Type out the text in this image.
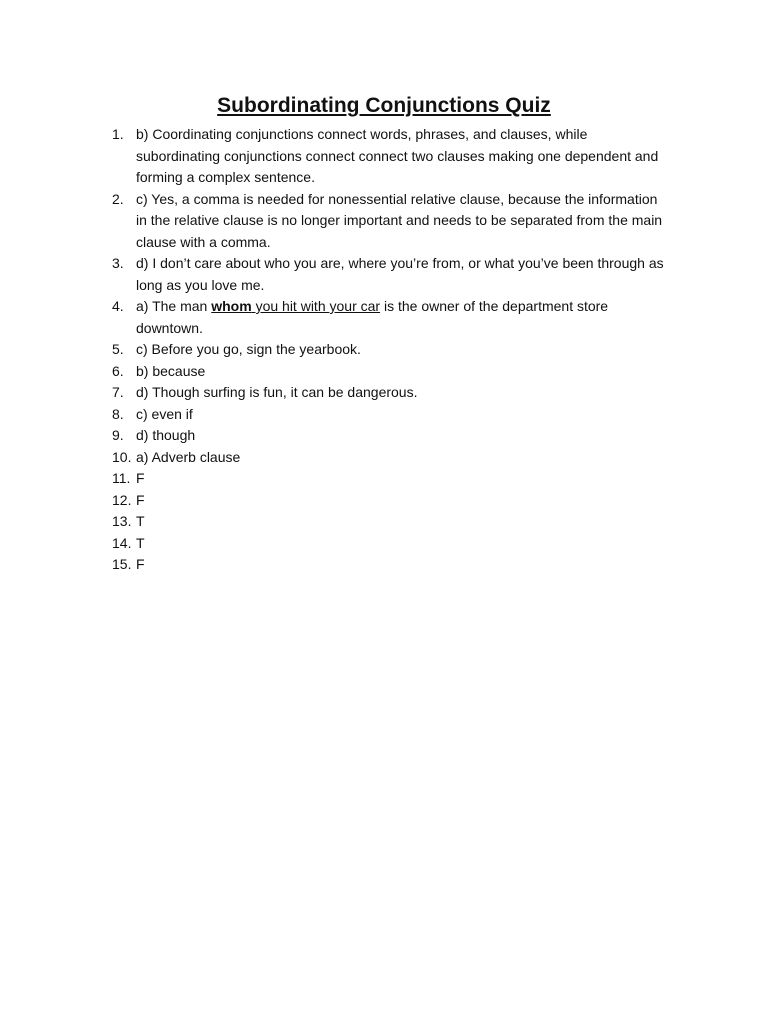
Subordinating Conjunctions Quiz
1. b) Coordinating conjunctions connect words, phrases, and clauses, while subordinating conjunctions connect connect two clauses making one dependent and forming a complex sentence.
2. c) Yes, a comma is needed for nonessential relative clause, because the information in the relative clause is no longer important and needs to be separated from the main clause with a comma.
3. d) I don’t care about who you are, where you’re from, or what you’ve been through as long as you love me.
4. a) The man whom you hit with your car is the owner of the department store downtown.
5. c) Before you go, sign the yearbook.
6. b) because
7. d) Though surfing is fun, it can be dangerous.
8. c) even if
9. d) though
10. a) Adverb clause
11. F
12. F
13. T
14. T
15. F
